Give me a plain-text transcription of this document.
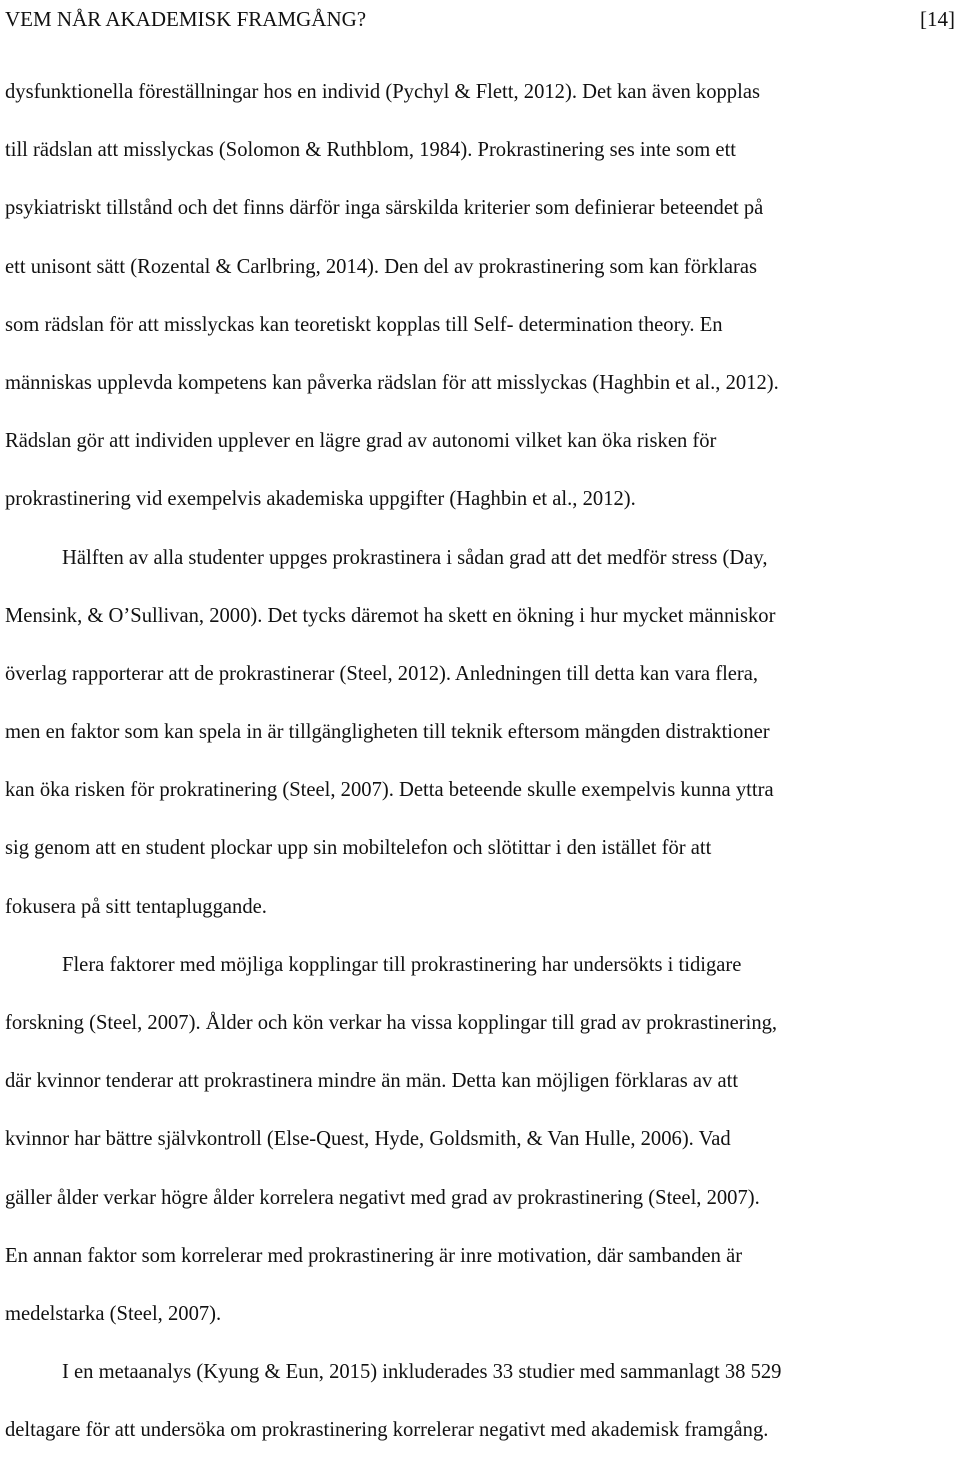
VEM NÅR AKADEMISK FRAMGÅNG?	[14]
dysfunktionella föreställningar hos en individ (Pychyl & Flett, 2012). Det kan även kopplas
till rädslan att misslyckas (Solomon & Ruthblom, 1984). Prokrastinering ses inte som ett
psykiatriskt tillstånd och det finns därför inga särskilda kriterier som definierar beteendet på
ett unisont sätt (Rozental & Carlbring, 2014). Den del av prokrastinering som kan förklaras
som rädslan för att misslyckas kan teoretiskt kopplas till Self- determination theory. En
människas upplevda kompetens kan påverka rädslan för att misslyckas (Haghbin et al., 2012).
Rädslan gör att individen upplever en lägre grad av autonomi vilket kan öka risken för
prokrastinering vid exempelvis akademiska uppgifter (Haghbin et al., 2012).
Hälften av alla studenter uppges prokrastinera i sådan grad att det medför stress (Day,
Mensink, & O’Sullivan, 2000). Det tycks däremot ha skett en ökning i hur mycket människor
överlag rapporterar att de prokrastinerar (Steel, 2012). Anledningen till detta kan vara flera,
men en faktor som kan spela in är tillgängligheten till teknik eftersom mängden distraktioner
kan öka risken för prokratinering (Steel, 2007). Detta beteende skulle exempelvis kunna yttra
sig genom att en student plockar upp sin mobiltelefon och slötittar i den istället för att
fokusera på sitt tentapluggande.
Flera faktorer med möjliga kopplingar till prokrastinering har undersökts i tidigare
forskning (Steel, 2007). Ålder och kön verkar ha vissa kopplingar till grad av prokrastinering,
där kvinnor tenderar att prokrastinera mindre än män. Detta kan möjligen förklaras av att
kvinnor har bättre självkontroll (Else-Quest, Hyde, Goldsmith, & Van Hulle, 2006). Vad
gäller ålder verkar högre ålder korrelera negativt med grad av prokrastinering (Steel, 2007).
En annan faktor som korrelerar med prokrastinering är inre motivation, där sambanden är
medelstarka (Steel, 2007).
I en metaanalys (Kyung & Eun, 2015) inkluderades 33 studier med sammanlagt 38 529
deltagare för att undersöka om prokrastinering korrelerar negativt med akademisk framgång.
